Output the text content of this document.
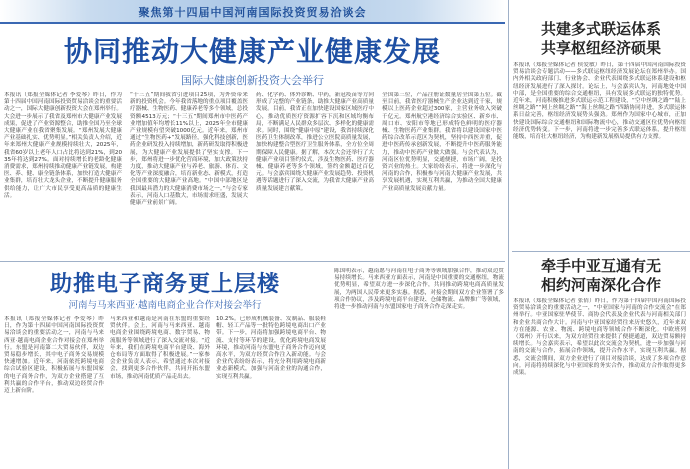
聚焦第十四届中国河南国际投资贸易洽谈会
协同推动大健康产业健康发展
国际大健康创新投资大会举行
本报讯（郑报全媒体记者 李爱琴）昨日，作为第十四届中国河南国际投资贸易洽谈会的重要活动之一，国际大健康创新投资大会在郑州举行。大会进一步展示了我省及郑州市大健康产业发展成果，促进了产业资源整合，助推全国乃至全球大健康产业在我省聚集发展。“郑州发展大健康产业基础扎实、优势明显。”相关负责人介绍，近年来郑州大健康产业规模持续壮大，2025年，我省60岁以上老年人口占比将达到21%，到2035年将达到27%。面对持续增长的老龄化健康消费需求，郑州持续推动健康产业链发展，构建医、养、健、康全链条体系，加快打造大健康产业集群，培育壮大龙头企业，不断提升健康服务供给能力，让广大市民享受更高品质的健康生活。
“十三五”期间我省引进项目25项，为外资带来新的投资机会。今年我省落地的重点项目覆盖医疗器械、生物医药、健康养老等多个领域，总投资额4513万元；“十三五”期间郑州市中医药产业增加值年均增长11%以上，2025年全市健康产业规模有望突破1000亿元。近年来，郑州市通过“生物医药+”发展路径，强化科技创新，医药企业研发投入持续增加，新药研发取得积极进展，为大健康产业发展提供了坚实支撑。下一步，郑州将进一步优化营商环境，加大政策扶持力度，推动大健康产业与养老、旅游、体育、文化等产业深度融合，培育新业态、新模式，打造全国重要的大健康产业高地。“中国中部地区是我国最具潜力的大健康消费市场之一。”与会专家表示，河南人口基数大，市场需求旺盛，发展大健康产业前景广阔。
药、化学药、体外诊断、中药，新冠疫苗等方向形成了完整的产业链条，助推大健康产业高质量发展。目前，我省正在加快建设国家区域医疗中心，推动优质医疗资源扩容下沉和区域均衡布局，不断满足人民群众多层次、多样化的健康需求。同时，围绕“健康中原”建设，我省持续深化医药卫生体制改革，推进公立医院高质量发展，加快构建整合型医疗卫生服务体系，全方位全周期保障人民健康。据了解，本次大会还举行了大健康产业项目签约仪式，涉及生物医药、医疗器械、健康养老等多个领域，签约金额超过百亿元。与会嘉宾围绕大健康产业发展趋势、投资机遇等话题进行了深入交流，为我省大健康产业高质量发展建言献策。
全国第三位，产品注册证数量居全国第五位。截至目前，我省医疗器械生产企业达到近千家，规模以上医药企业超过300家，主营业务收入突破千亿元。郑州航空港经济综合实验区、新乡市、周口市、安阳市等地已形成特色鲜明的医疗器械、生物医药产业集群。我省将以建设国家中医药综合改革示范区为契机，坚持中西医并重，促进中医药传承创新发展，不断提升中医药服务能力，推动中医药产业做大做强。与会代表认为，河南区位优势明显，交通便捷，市场广阔，是投资兴业的热土。大家纷纷表示，将进一步深化与河南的合作，积极参与河南大健康产业发展，共享发展机遇，实现互利共赢，为推动全国大健康产业高质量发展贡献力量。
助推电子商务更上层楼
河南与马来西亚·越南电商企业合作对接会举行
本报讯（郑报全媒体记者 李爱琴）昨日，作为第十四届中国河南国际投资贸易洽谈会的重要活动之一，河南与马来西亚·越南电商企业合作对接会在郑州举行。东盟是河南第二大贸易伙伴，双边贸易稳步增长，其中电子商务交易规模快速增加。近年来，河南依托跨境电商综合试验区建设，积极拓展与东盟国家的电子商务合作，为双方企业搭建了互利共赢的合作平台，推动双边经贸合作迈上新台阶。
马来西亚和越南是河南在东盟的重要经贸伙伴。会上，河南与马来西亚、越南电商企业围绕跨境电商、数字贸易、物流服务等领域进行了深入交流对接。“近年来，我们在跨境电商平台建设、海外仓布局等方面取得了积极进展。”一家参会企业负责人表示，希望通过本次对接会，找到更多合作伙伴，共同开拓东盟市场，推动河南优质产品走出去。
10.2%。已形成机械装备、发制品、服装鞋帽、轻工产品等一批特色跨境电商出口产业带。下一步，河南将加强跨境电商平台、物流、支付等环节的建设，优化跨境电商发展环境，推动河南与东盟电子商务合作迈向更高水平，为双方经贸合作注入新动能。与会企业代表纷纷表示，将充分利用跨境电商新业态新模式，加强与河南企业的沟通合作，实现互利共赢。
陈国明表示，越南愿与河南在电子商务等领域加强合作，推动双边贸易持续增长。马来西亚方面表示，河南是中国重要的交通枢纽，物流优势明显，希望双方进一步深化合作，共同推动跨境电商高质量发展，为两国人民带来更多实惠。据悉，对接会期间双方企业签署了多项合作协议，涉及跨境电商平台建设、仓储物流、品牌推广等领域，将进一步推动河南与东盟国家电子商务合作走深走实。
共建多式联运体系
共享枢纽经济硕果
本报讯（郑报全媒体记者 侯爱敏）昨日，第十四届中国河南国际投资贸易洽谈会专题活动——多式联运枢纽经济发展论坛在郑州举办。国内外相关政府部门、行业协会、企业代表围绕多式联运体系建设和枢纽经济发展进行了深入探讨。论坛上，与会嘉宾认为，河南地处中国中部，是全国重要的综合交通枢纽，具有发展多式联运的独特优势。近年来，河南积极推进多式联运示范工程建设，“空中丝绸之路”“陆上丝绸之路”“网上丝绸之路”“海上丝绸之路”四路协同并进，多式联运体系日益完善，枢纽经济发展势头强劲。郑州作为国家中心城市，正加快建设国际综合交通枢纽和国际物流中心，推动交通区位优势向枢纽经济优势转变。下一步，河南将进一步完善多式联运体系，提升枢纽能级，培育壮大枢纽经济，为构建新发展格局提供有力支撑。
牵手中亚互通有无
相约河南深化合作
本报讯（郑报全媒体记者 张倩）昨日，作为第十四届中国河南国际投资贸易洽谈会的重要活动之一，“中亚国家与河南的合作交流会”在郑州举行。中亚国家驻华使节、商协会代表及企业代表与河南相关部门和企业共商合作大计。河南与中亚国家经贸往来历史悠久，近年来双方在能源、农业、物流、跨境电商等领域合作不断深化。中欧班列（郑州）开行以来，为双方经贸往来提供了便捷通道，双边贸易额持续增长。与会嘉宾表示，希望以此次交流会为契机，进一步加强与河南的交流与合作，拓展合作领域，提升合作水平，实现互利共赢。据悉，交流会期间，双方企业进行了项目对接洽谈，达成了多项合作意向。河南将持续深化与中亚国家的务实合作，推动双方合作取得更多成果。
